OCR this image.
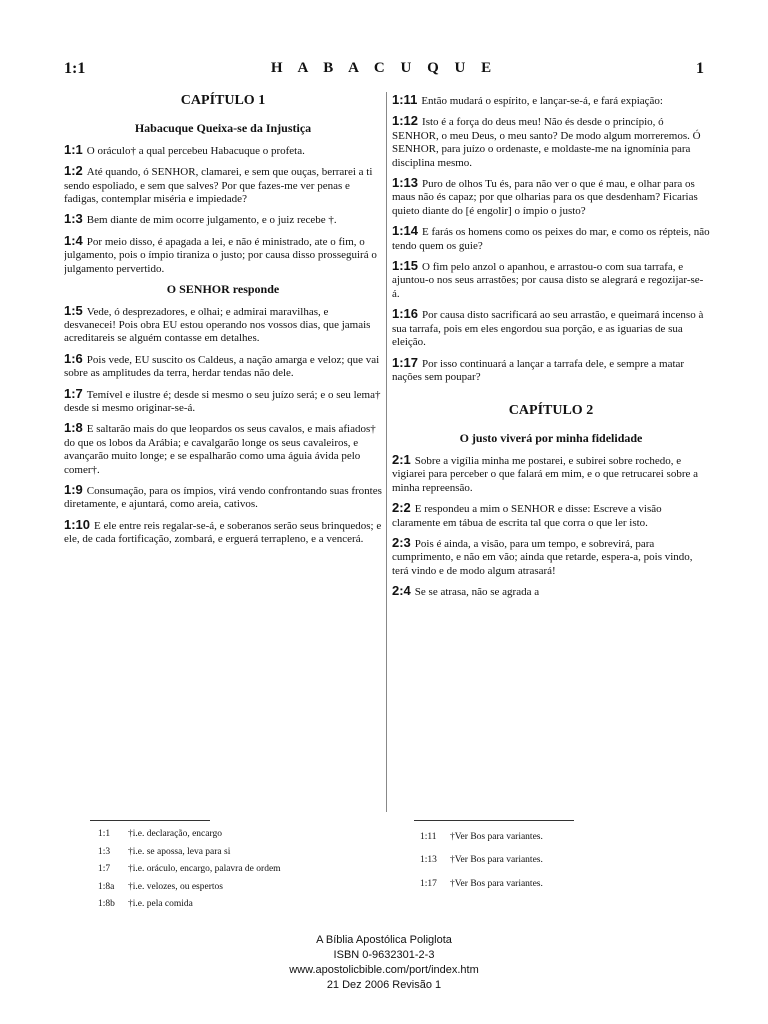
1:1	H A B A C U Q U E	1
CAPÍTULO 1
Habacuque Queixa-se da Injustiça
1:1 O oráculo† a qual percebeu Habacuque o profeta.
1:2 Até quando, ó SENHOR, clamarei, e sem que ouças, berrarei a ti sendo espoliado, e sem que salves? Por que fazes-me ver penas e fadigas, contemplar miséria e impiedade?
1:3 Bem diante de mim ocorre julgamento, e o juiz recebe †.
1:4 Por meio disso, é apagada a lei, e não é ministrado, ate o fim, o julgamento, pois o ímpio tiraniza o justo; por causa disso prosseguirá o julgamento pervertido.
O SENHOR responde
1:5 Vede, ó desprezadores, e olhai; e admirai maravilhas, e desvanecei! Pois obra EU estou operando nos vossos dias, que jamais acreditareis se alguém contasse em detalhes.
1:6 Pois vede, EU suscito os Caldeus, a nação amarga e veloz; que vai sobre as amplitudes da terra, herdar tendas não dele.
1:7 Temível e ilustre é; desde si mesmo o seu juízo será; e o seu lema† desde si mesmo originar-se-á.
1:8 E saltarão mais do que leopardos os seus cavalos, e mais afiados† do que os lobos da Arábia; e cavalgarão longe os seus cavaleiros, e avançarão muito longe; e se espalharão como uma águia ávida pelo comer†.
1:9 Consumação, para os ímpios, virá vendo confrontando suas frontes diretamente, e ajuntará, como areia, cativos.
1:10 E ele entre reis regalar-se-á, e soberanos serão seus brinquedos; e ele, de cada fortificação, zombará, e erguerá terrapleno, e a vencerá.
1:11 Então mudará o espírito, e lançar-se-á, e fará expiação:
1:12 Isto é a força do deus meu! Não és desde o princípio, ó SENHOR, o meu Deus, o meu santo? De modo algum morreremos. Ó SENHOR, para juízo o ordenaste, e moldaste-me na ignomínia para disciplina mesmo.
1:13 Puro de olhos Tu és, para não ver o que é mau, e olhar para os maus não és capaz; por que olharias para os que desdenham? Ficarias quieto diante do [é engolir] o ímpio o justo?
1:14 E farás os homens como os peixes do mar, e como os répteis, não tendo quem os guie?
1:15 O fim pelo anzol o apanhou, e arrastou-o com sua tarrafa, e ajuntou-o nos seus arrastões; por causa disto se alegrará e regozijar-se-á.
1:16 Por causa disto sacrificará ao seu arrastão, e queimará incenso à sua tarrafa, pois em eles engordou sua porção, e as iguarias de sua eleição.
1:17 Por isso continuará a lançar a tarrafa dele, e sempre a matar nações sem poupar?
CAPÍTULO 2
O justo viverá por minha fidelidade
2:1 Sobre a vigília minha me postarei, e subirei sobre rochedo, e vigiarei para perceber o que falará em mim, e o que retrucarei sobre a minha repreensão.
2:2 E respondeu a mim o SENHOR e disse: Escreve a visão claramente em tábua de escrita tal que corra o que ler isto.
2:3 Pois é ainda, a visão, para um tempo, e sobrevirá, para cumprimento, e não em vão; ainda que retarde, espera-a, pois vindo, terá vindo e de modo algum atrasará!
2:4 Se se atrasa, não se agrada a
1:1 †i.e. declaração, encargo
1:3 †i.e. se apossa, leva para si
1:7 †i.e. oráculo, encargo, palavra de ordem
1:8a †i.e. velozes, ou espertos
1:8b †i.e. pela comida
1:11 †Ver Bos para variantes.
1:13 †Ver Bos para variantes.
1:17 †Ver Bos para variantes.
A Bíblia Apostólica Poliglota
ISBN 0-9632301-2-3
www.apostolicbible.com/port/index.htm
21 Dez 2006 Revisão 1
